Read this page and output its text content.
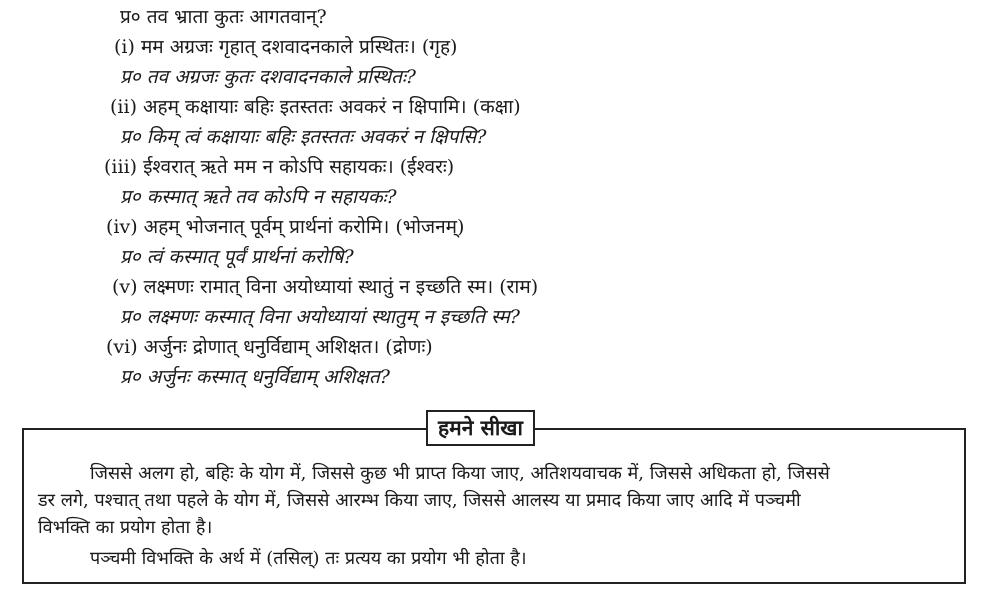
प्र० तव भ्राता कुतः आगतवान्?
(i) मम अग्रजः गृहात् दशवादनकाले प्रस्थितः। (गृह)
प्र० तव अग्रजः कुतः दशवादनकाले प्रस्थितः?
(ii) अहम् कक्षायाः बहिः इतस्ततः अवकरं न क्षिपामि। (कक्षा)
प्र० किम् त्वं कक्षायाः बहिः इतस्ततः अवकरं न क्षिपसि?
(iii) ईश्वरात् ऋते मम न कोऽपि सहायकः। (ईश्वरः)
प्र० कस्मात् ऋते तव कोऽपि न सहायकः?
(iv) अहम् भोजनात् पूर्वम् प्रार्थनां करोमि। (भोजनम्)
प्र० त्वं कस्मात् पूर्वं प्रार्थनां करोषि?
(v) लक्ष्मणः रामात् विना अयोध्यायां स्थातुं न इच्छति स्म। (राम)
प्र० लक्ष्मणः कस्मात् विना अयोध्यायां स्थातुम् न इच्छति स्म?
(vi) अर्जुनः द्रोणात् धनुर्विद्याम् अशिक्षत। (द्रोणः)
प्र० अर्जुनः कस्मात् धनुर्विद्याम् अशिक्षत?
हमने सीखा
जिससे अलग हो, बहिः के योग में, जिससे कुछ भी प्राप्त किया जाए, अतिशयवाचक में, जिससे अधिकता हो, जिससे
डर लगे, पश्चात् तथा पहले के योग में, जिससे आरम्भ किया जाए, जिससे आलस्य या प्रमाद किया जाए आदि में पञ्चमी
विभक्ति का प्रयोग होता है।
पञ्चमी विभक्ति के अर्थ में (तसिल्) तः प्रत्यय का प्रयोग भी होता है।
